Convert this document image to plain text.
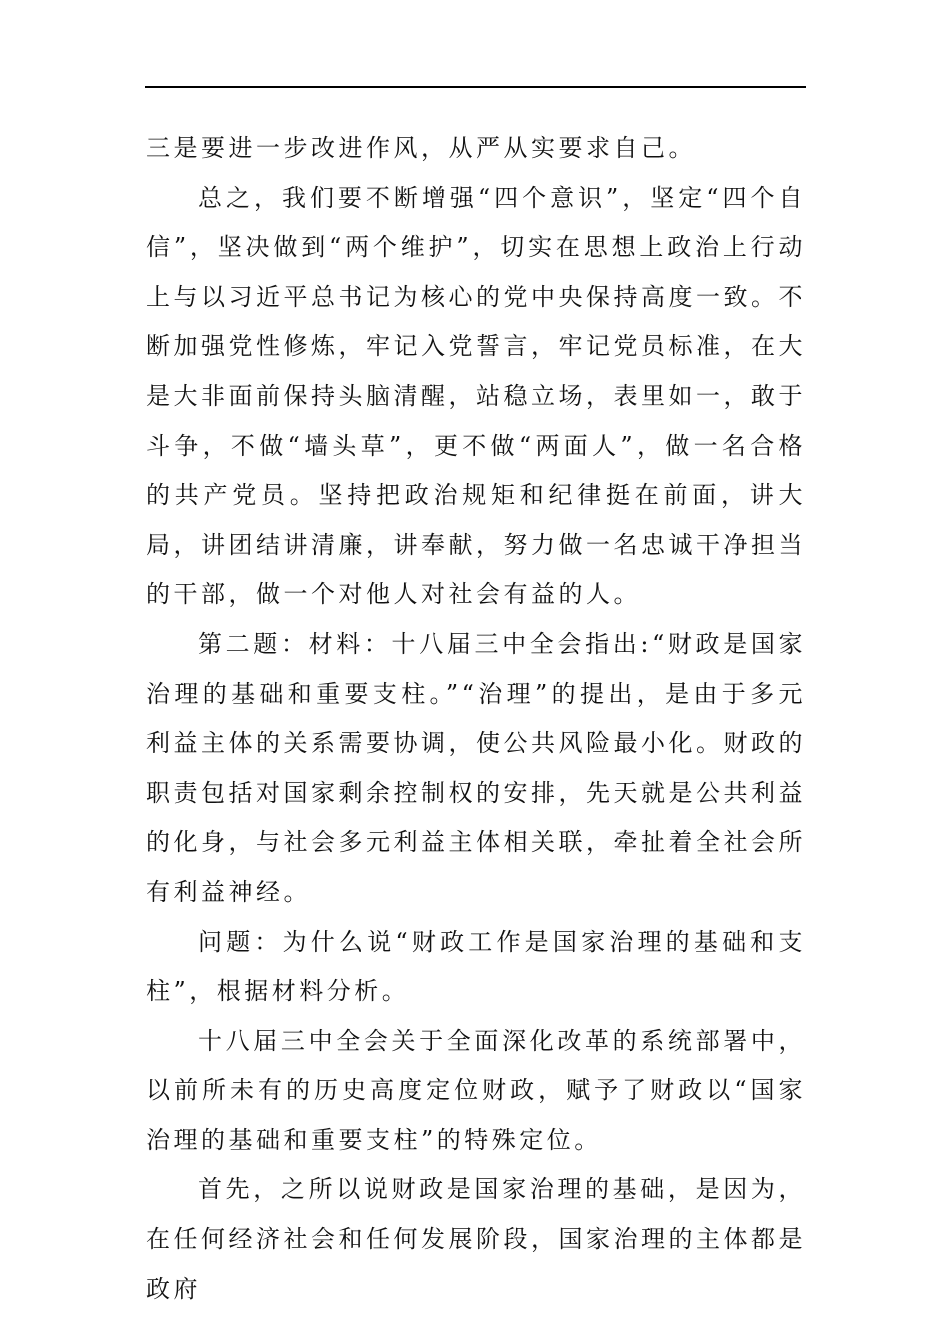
三是要进一步改进作风，从严从实要求自己。

总之，我们要不断增强“四个意识”，坚定“四个自信”，坚决做到“两个维护”，切实在思想上政治上行动上与以习近平总书记为核心的党中央保持高度一致。不断加强党性修炼，牢记入党誓言，牢记党员标准，在大是大非面前保持头脑清醒，站稳立场，表里如一，敢于斗争，不做“墙头草”，更不做“两面人”，做一名合格的共产党员。坚持把政治规矩和纪律挺在前面，讲大局，讲团结讲清廉，讲奉献，努力做一名忠诚干净担当的干部，做一个对他人对社会有益的人。

第二题：材料：十八届三中全会指出:“财政是国家治理的基础和重要支柱。”“治理”的提出，是由于多元利益主体的关系需要协调，使公共风险最小化。财政的职责包括对国家剩余控制权的安排，先天就是公共利益的化身，与社会多元利益主体相关联，牵扯着全社会所有利益神经。

问题：为什么说“财政工作是国家治理的基础和支柱”，根据材料分析。

十八届三中全会关于全面深化改革的系统部署中，以前所未有的历史高度定位财政，赋予了财政以“国家治理的基础和重要支柱”的特殊定位。

首先，之所以说财政是国家治理的基础，是因为，在任何经济社会和任何发展阶段，国家治理的主体都是政府
